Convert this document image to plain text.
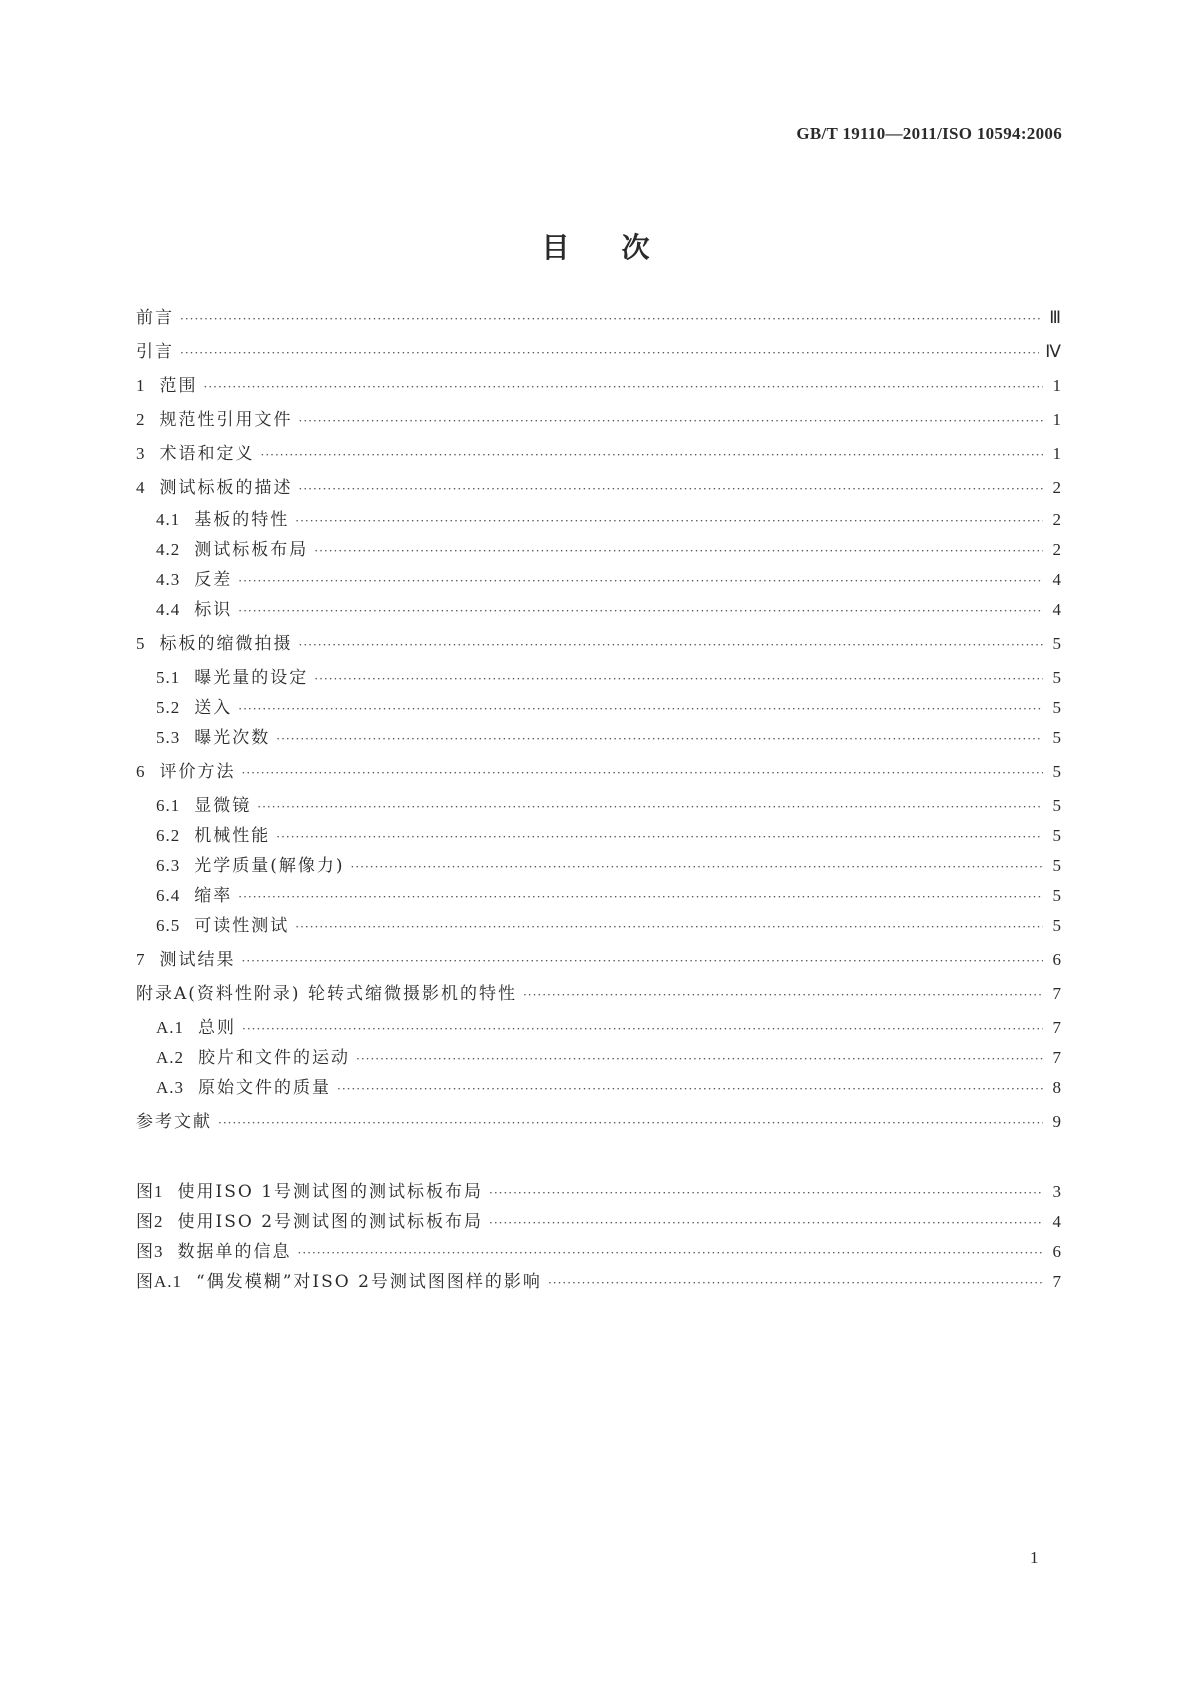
GB/T 19110—2011/ISO 10594:2006
目次
前言 ·····	Ⅲ
引言 ·····	Ⅳ
1 范围 ·····	1
2 规范性引用文件 ·····	1
3 术语和定义 ·····	1
4 测试标板的描述 ·····	2
4.1 基板的特性 ·····	2
4.2 测试标板布局 ·····	2
4.3 反差 ·····	4
4.4 标识 ·····	4
5 标板的缩微拍摄 ·····	5
5.1 曝光量的设定 ·····	5
5.2 送入 ·····	5
5.3 曝光次数 ·····	5
6 评价方法 ·····	5
6.1 显微镜 ·····	5
6.2 机械性能 ·····	5
6.3 光学质量(解像力) ·····	5
6.4 缩率 ·····	5
6.5 可读性测试 ·····	5
7 测试结果 ·····	6
附录A(资料性附录) 轮转式缩微摄影机的特性 ·····	7
A.1 总则 ·····	7
A.2 胶片和文件的运动 ·····	7
A.3 原始文件的质量 ·····	8
参考文献 ·····	9
图1 使用ISO 1号测试图的测试标板布局 ·····	3
图2 使用ISO 2号测试图的测试标板布局 ·····	4
图3 数据单的信息 ·····	6
图A.1 “偶发模糊”对ISO 2号测试图图样的影响 ·····	7
1
